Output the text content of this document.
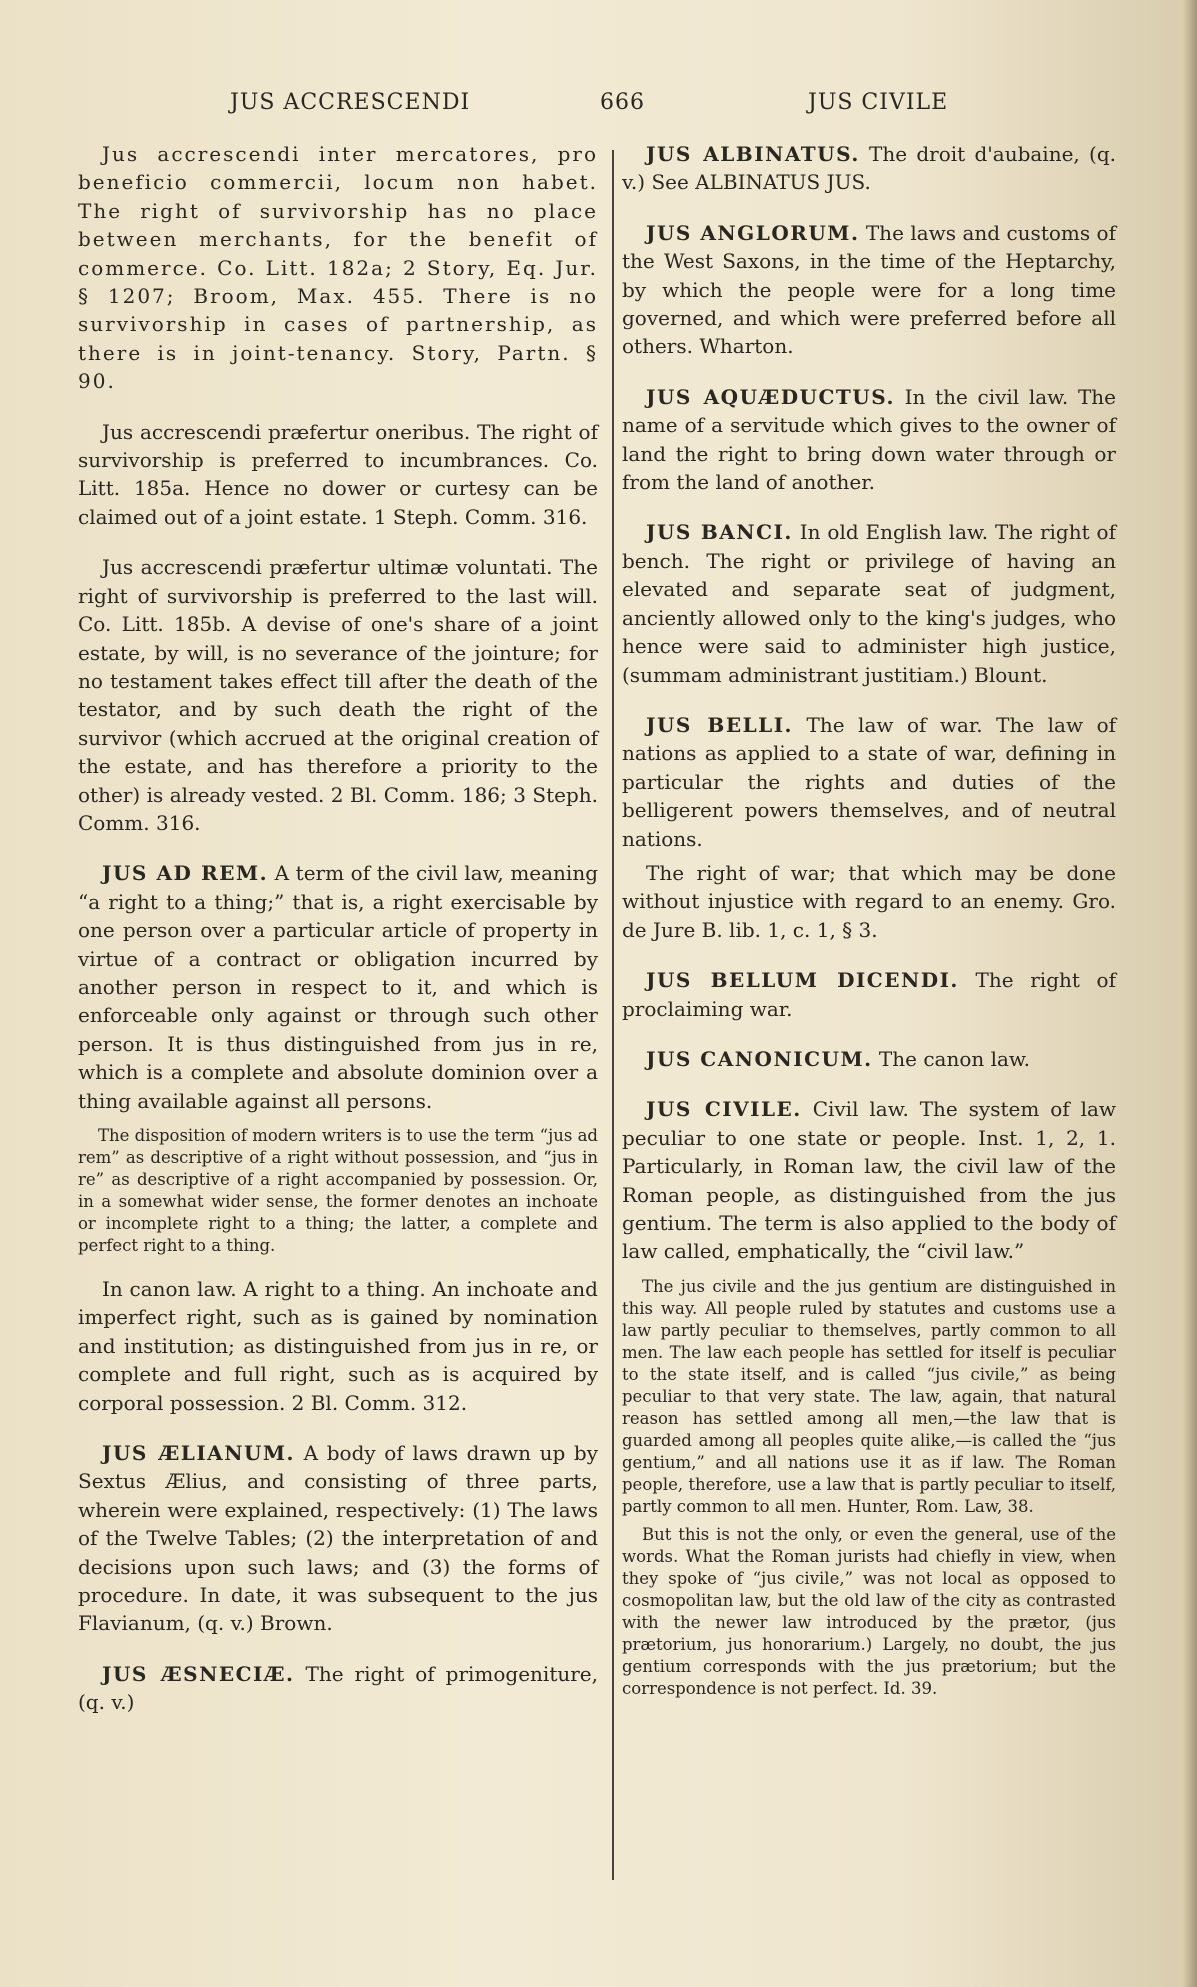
JUS ACCRESCENDI	666	JUS CIVILE

Jus accrescendi inter mercatores, pro beneficio commercii, locum non habet. The right of survivorship has no place between merchants, for the benefit of commerce. Co. Litt. 182a; 2 Story, Eq. Jur. § 1207; Broom, Max. 455. There is no survivorship in cases of partnership, as there is in joint-tenancy. Story, Partn. § 90.

Jus accrescendi præfertur oneribus. The right of survivorship is preferred to incumbrances. Co. Litt. 185a. Hence no dower or curtesy can be claimed out of a joint estate. 1 Steph. Comm. 316.

Jus accrescendi præfertur ultimæ voluntati. The right of survivorship is preferred to the last will. Co. Litt. 185b. A devise of one's share of a joint estate, by will, is no severance of the jointure; for no testament takes effect till after the death of the testator, and by such death the right of the survivor (which accrued at the original creation of the estate, and has therefore a priority to the other) is already vested. 2 Bl. Comm. 186; 3 Steph. Comm. 316.

JUS AD REM. A term of the civil law, meaning “a right to a thing;” that is, a right exercisable by one person over a particular article of property in virtue of a contract or obligation incurred by another person in respect to it, and which is enforceable only against or through such other person. It is thus distinguished from jus in re, which is a complete and absolute dominion over a thing available against all persons.

The disposition of modern writers is to use the term “jus ad rem” as descriptive of a right without possession, and “jus in re” as descriptive of a right accompanied by possession. Or, in a somewhat wider sense, the former denotes an inchoate or incomplete right to a thing; the latter, a complete and perfect right to a thing.

In canon law. A right to a thing. An inchoate and imperfect right, such as is gained by nomination and institution; as distinguished from jus in re, or complete and full right, such as is acquired by corporal possession. 2 Bl. Comm. 312.

JUS ÆLIANUM. A body of laws drawn up by Sextus Ælius, and consisting of three parts, wherein were explained, respectively: (1) The laws of the Twelve Tables; (2) the interpretation of and decisions upon such laws; and (3) the forms of procedure. In date, it was subsequent to the jus Flavianum, (q. v.) Brown.

JUS ÆSNECIÆ. The right of primogeniture, (q. v.)

JUS ALBINATUS. The droit d'aubaine, (q. v.) See ALBINATUS JUS.

JUS ANGLORUM. The laws and customs of the West Saxons, in the time of the Heptarchy, by which the people were for a long time governed, and which were preferred before all others. Wharton.

JUS AQUÆDUCTUS. In the civil law. The name of a servitude which gives to the owner of land the right to bring down water through or from the land of another.

JUS BANCI. In old English law. The right of bench. The right or privilege of having an elevated and separate seat of judgment, anciently allowed only to the king's judges, who hence were said to administer high justice, (summam administrant justitiam.) Blount.

JUS BELLI. The law of war. The law of nations as applied to a state of war, defining in particular the rights and duties of the belligerent powers themselves, and of neutral nations.

The right of war; that which may be done without injustice with regard to an enemy. Gro. de Jure B. lib. 1, c. 1, § 3.

JUS BELLUM DICENDI. The right of proclaiming war.

JUS CANONICUM. The canon law.

JUS CIVILE. Civil law. The system of law peculiar to one state or people. Inst. 1, 2, 1. Particularly, in Roman law, the civil law of the Roman people, as distinguished from the jus gentium. The term is also applied to the body of law called, emphatically, the “civil law.”

The jus civile and the jus gentium are distinguished in this way. All people ruled by statutes and customs use a law partly peculiar to themselves, partly common to all men. The law each people has settled for itself is peculiar to the state itself, and is called “jus civile,” as being peculiar to that very state. The law, again, that natural reason has settled among all men,—the law that is guarded among all peoples quite alike,—is called the “jus gentium,” and all nations use it as if law. The Roman people, therefore, use a law that is partly peculiar to itself, partly common to all men. Hunter, Rom. Law, 38.

But this is not the only, or even the general, use of the words. What the Roman jurists had chiefly in view, when they spoke of “jus civile,” was not local as opposed to cosmopolitan law, but the old law of the city as contrasted with the newer law introduced by the prætor, (jus prætorium, jus honorarium.) Largely, no doubt, the jus gentium corresponds with the jus prætorium; but the correspondence is not perfect. Id. 39.
